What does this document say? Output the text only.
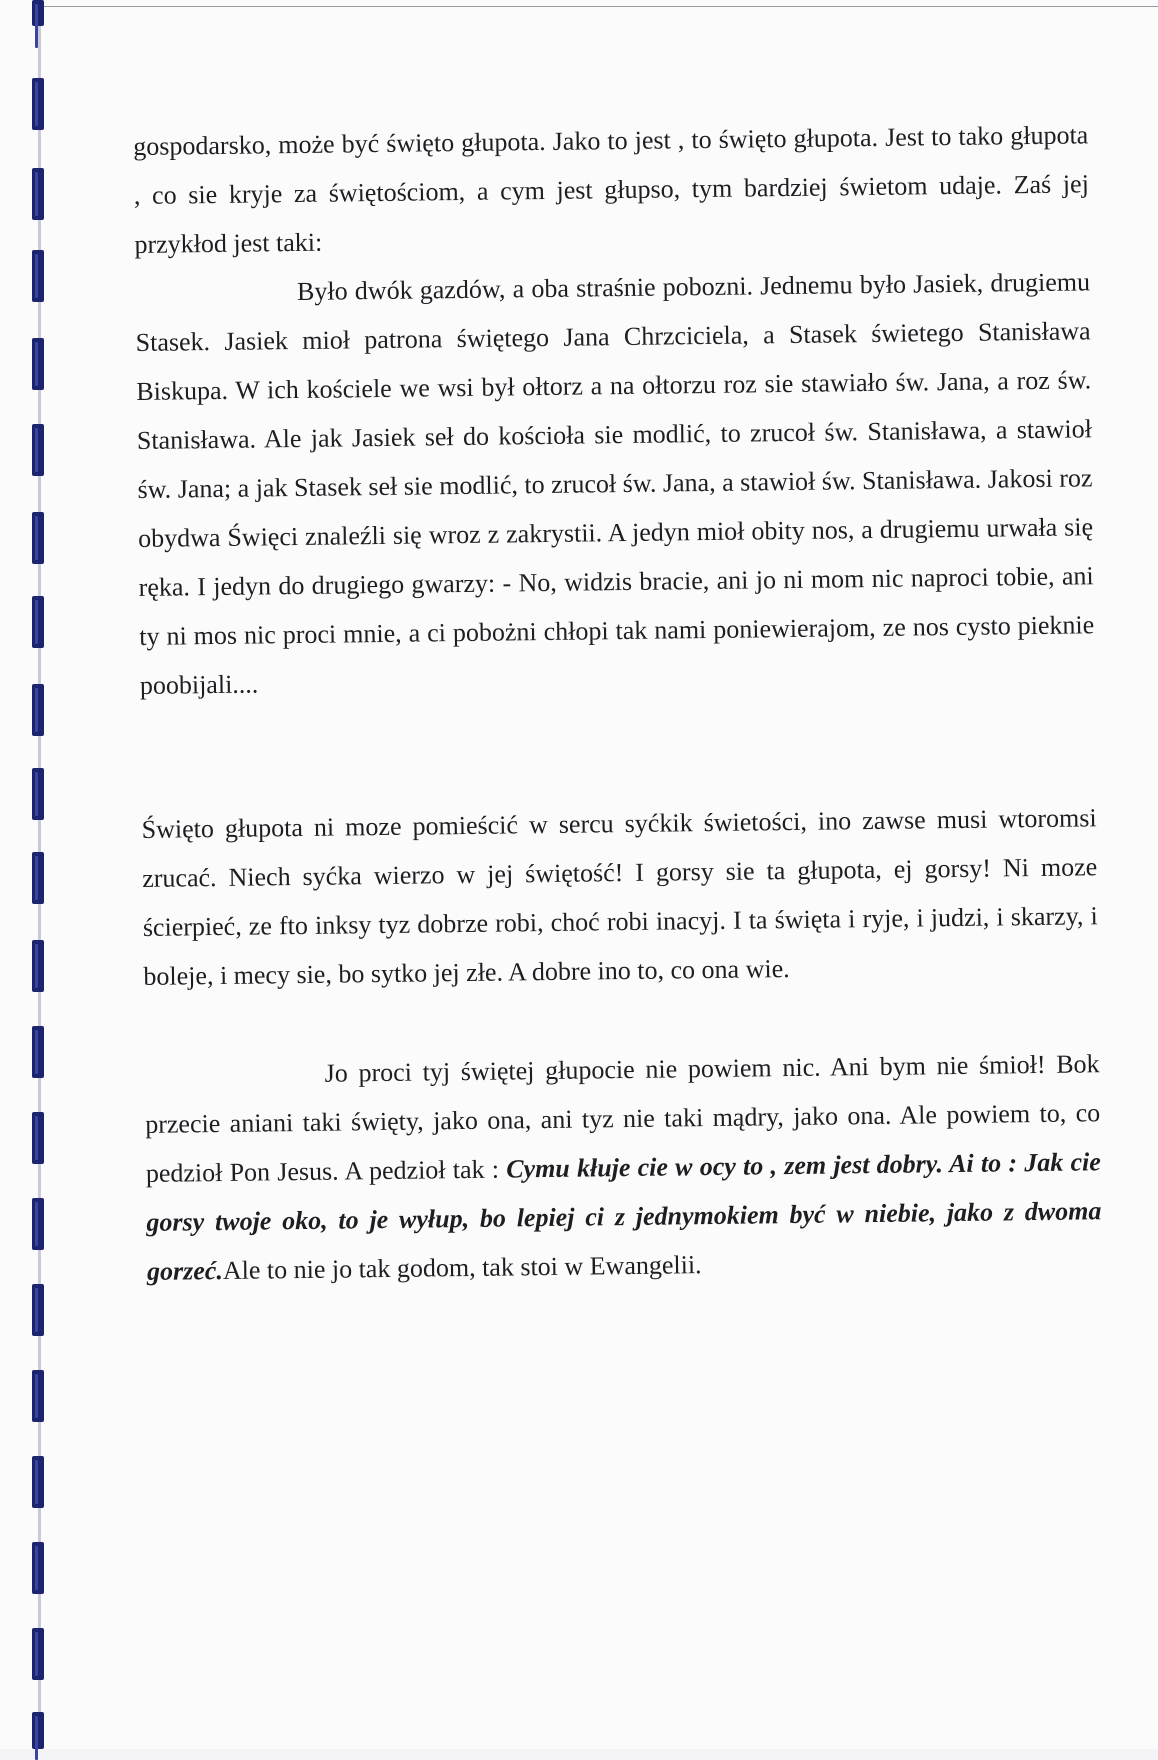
gospodarsko, może być święto głupota. Jako to jest , to święto głupota. Jest to tako głupota , co sie kryje za świętościom, a cym jest głupso, tym bardziej świetom udaje. Zaś jej przykłod jest taki:

Było dwók gazdów, a oba straśnie pobozni. Jednemu było Jasiek, drugiemu Stasek. Jasiek mioł patrona świętego Jana Chrzciciela, a Stasek świetego Stanisława Biskupa. W ich kościele we wsi był ołtorz a na ołtorzu roz sie stawiało św. Jana, a roz św. Stanisława. Ale jak Jasiek seł do kościoła sie modlić, to zrucoł św. Stanisława, a stawioł św. Jana; a jak Stasek seł sie modlić, to zrucoł św. Jana, a stawioł św. Stanisława. Jakosi roz obydwa Święci znaleźli się wroz z zakrystii. A jedyn mioł obity nos, a drugiemu urwała się ręka. I jedyn do drugiego gwarzy: - No, widzis bracie, ani jo ni mom nic naproci tobie, ani ty ni mos nic proci mnie, a ci pobożni chłopi tak nami poniewierajom, ze nos cysto pieknie poobijali....

Święto głupota ni moze pomieścić w sercu syćkik świetości, ino zawse musi wtoromsi zrucać. Niech syćka wierzo w jej świętość! I gorsy sie ta głupota, ej gorsy! Ni moze ścierpieć, ze fto inksy tyz dobrze robi, choć robi inacyj. I ta święta i ryje, i judzi, i skarzy, i boleje, i mecy sie, bo sytko jej złe. A dobre ino to, co ona wie.

Jo proci tyj świętej głupocie nie powiem nic. Ani bym nie śmioł! Bok przecie aniani taki święty, jako ona, ani tyz nie taki mądry, jako ona. Ale powiem to, co pedzioł Pon Jesus. A pedzioł tak : Cymu kłuje cie w ocy to , zem jest dobry. Ai to : Jak cie gorsy twoje oko, to je wyłup, bo lepiej ci z jednymokiem być w niebie, jako z dwoma gorzeć.Ale to nie jo tak godom, tak stoi w Ewangelii.
